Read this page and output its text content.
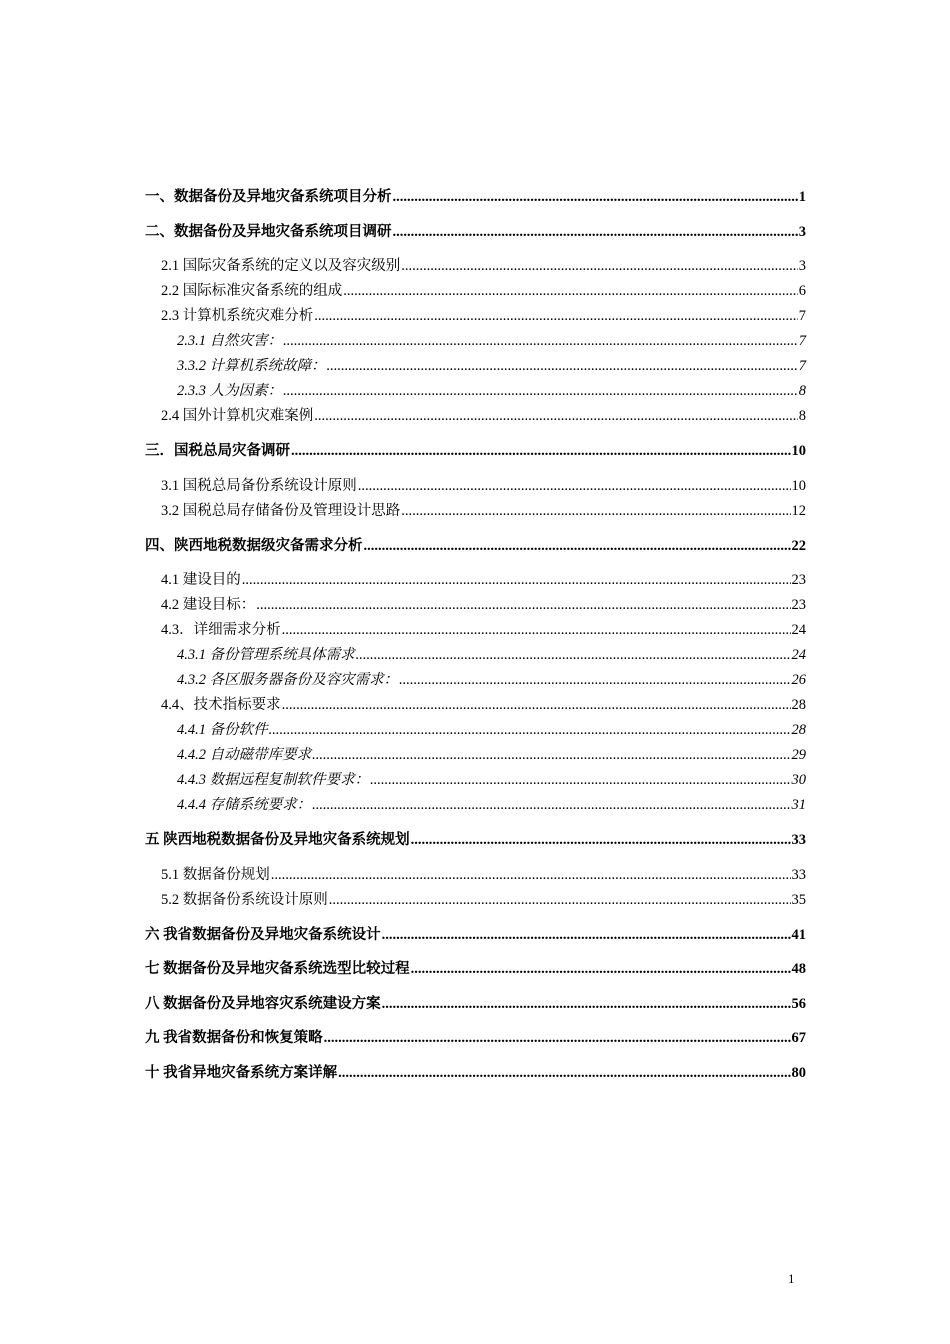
一、数据备份及异地灾备系统项目分析 .....	1
二、数据备份及异地灾备系统项目调研 .....	3
2.1 国际灾备系统的定义以及容灾级别 .....	3
2.2 国际标准灾备系统的组成 .....	6
2.3 计算机系统灾难分析 .....	7
2.3.1 自然灾害： .....	7
3.3.2 计算机系统故障： .....	7
2.3.3 人为因素： .....	8
2.4 国外计算机灾难案例 .....	8
三．国税总局灾备调研 .....	10
3.1 国税总局备份系统设计原则 .....	10
3.2 国税总局存储备份及管理设计思路 .....	12
四、陕西地税数据级灾备需求分析 .....	22
4.1 建设目的 .....	23
4.2 建设目标： .....	23
4.3．详细需求分析 .....	24
4.3.1 备份管理系统具体需求 .....	24
4.3.2 各区服务器备份及容灾需求： .....	26
4.4、技术指标要求 .....	28
4.4.1 备份软件 .....	28
4.4.2 自动磁带库要求 .....	29
4.4.3 数据远程复制软件要求： .....	30
4.4.4 存储系统要求： .....	31
五 陕西地税数据备份及异地灾备系统规划 .....	33
5.1 数据备份规划 .....	33
5.2 数据备份系统设计原则 .....	35
六 我省数据备份及异地灾备系统设计 .....	41
七 数据备份及异地灾备系统选型比较过程 .....	48
八 数据备份及异地容灾系统建设方案 .....	56
九 我省数据备份和恢复策略 .....	67
十 我省异地灾备系统方案详解 .....	80
1
